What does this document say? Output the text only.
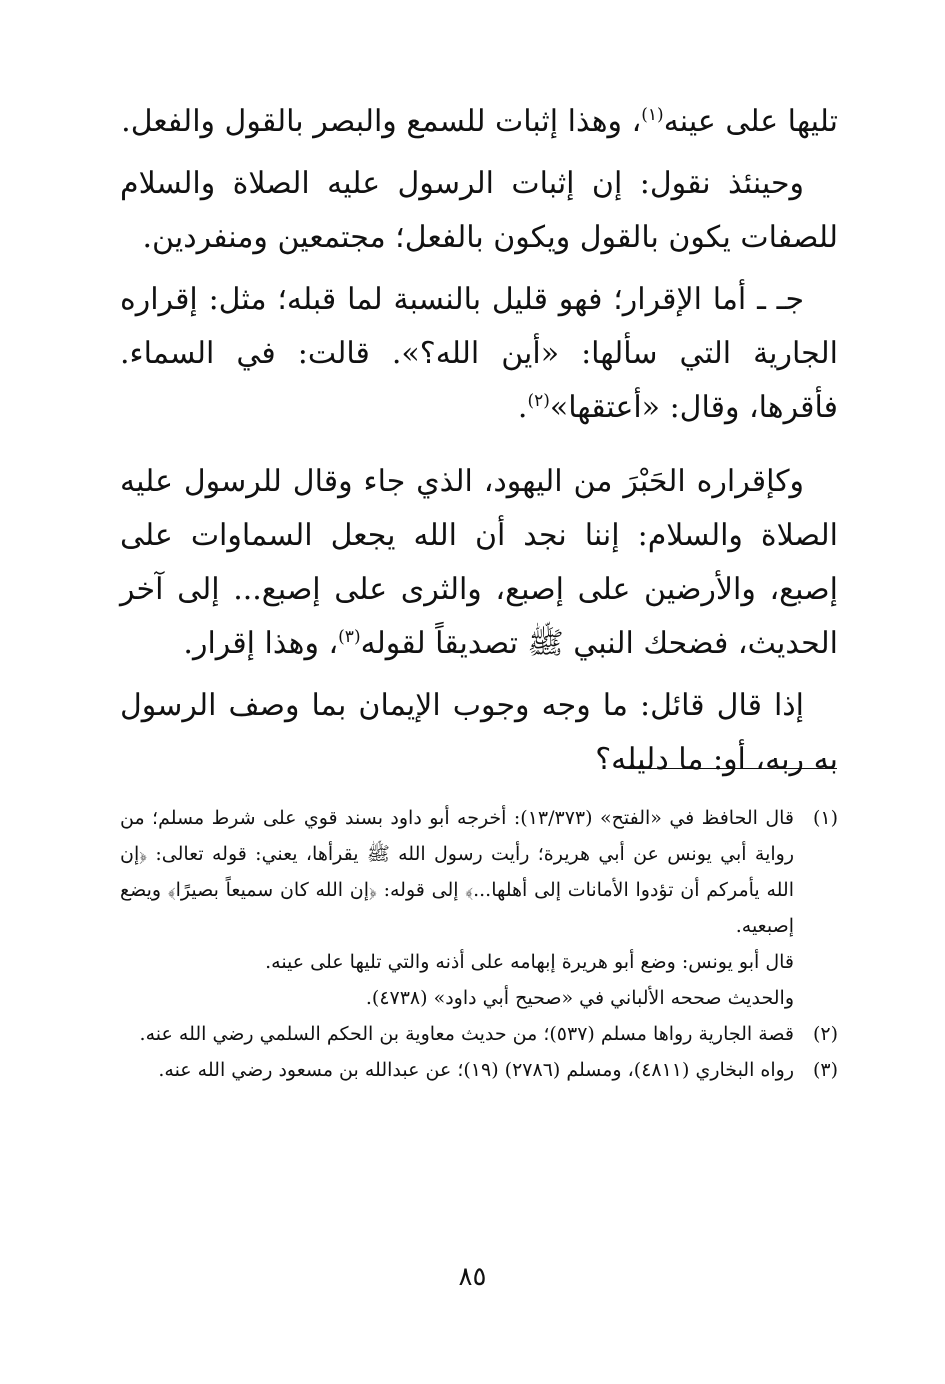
تليها على عينه$^{(١)}$، وهذا إثبات للسمع والبصر بالقول والفعل.

وحينئذ نقول: إن إثبات الرسول عليه الصلاة والسلام للصفات يكون بالقول ويكون بالفعل؛ مجتمعين ومنفردين.

جـ ـ أما الإقرار؛ فهو قليل بالنسبة لما قبله؛ مثل: إقراره الجارية التي سألها: «أين الله؟». قالت: في السماء. فأقرها، وقال: «أعتقها»$^{(٢)}$.

وكإقراره الحَبْرَ من اليهود، الذي جاء وقال للرسول عليه الصلاة والسلام: إننا نجد أن الله يجعل السماوات على إصبع، والأرضين على إصبع، والثرى على إصبع... إلى آخر الحديث، فضحك النبي ﷺ تصديقاً لقوله$^{(٣)}$، وهذا إقرار.

إذا قال قائل: ما وجه وجوب الإيمان بما وصف الرسول به ربه، أو: ما دليله؟

(١)
قال الحافظ في «الفتح» (١٣/٣٧٣): أخرجه أبو داود بسند قوي على شرط مسلم؛ من رواية أبي يونس عن أبي هريرة؛ رأيت رسول الله ﷺ يقرأها، يعني: قوله تعالى: ﴿إن الله يأمركم أن تؤدوا الأمانات إلى أهلها...﴾ إلى قوله: ﴿إن الله كان سميعاً بصيرًا﴾ ويضع إصبعيه.
قال أبو يونس: وضع أبو هريرة إبهامه على أذنه والتي تليها على عينه.
والحديث صححه الألباني في «صحيح أبي داود» (٤٧٣٨).
(٢)
قصة الجارية رواها مسلم (٥٣٧)؛ من حديث معاوية بن الحكم السلمي رضي الله عنه.
(٣)
رواه البخاري (٤٨١١)، ومسلم (٢٧٨٦) (١٩)؛ عن عبدالله بن مسعود رضي الله عنه.
٨٥
